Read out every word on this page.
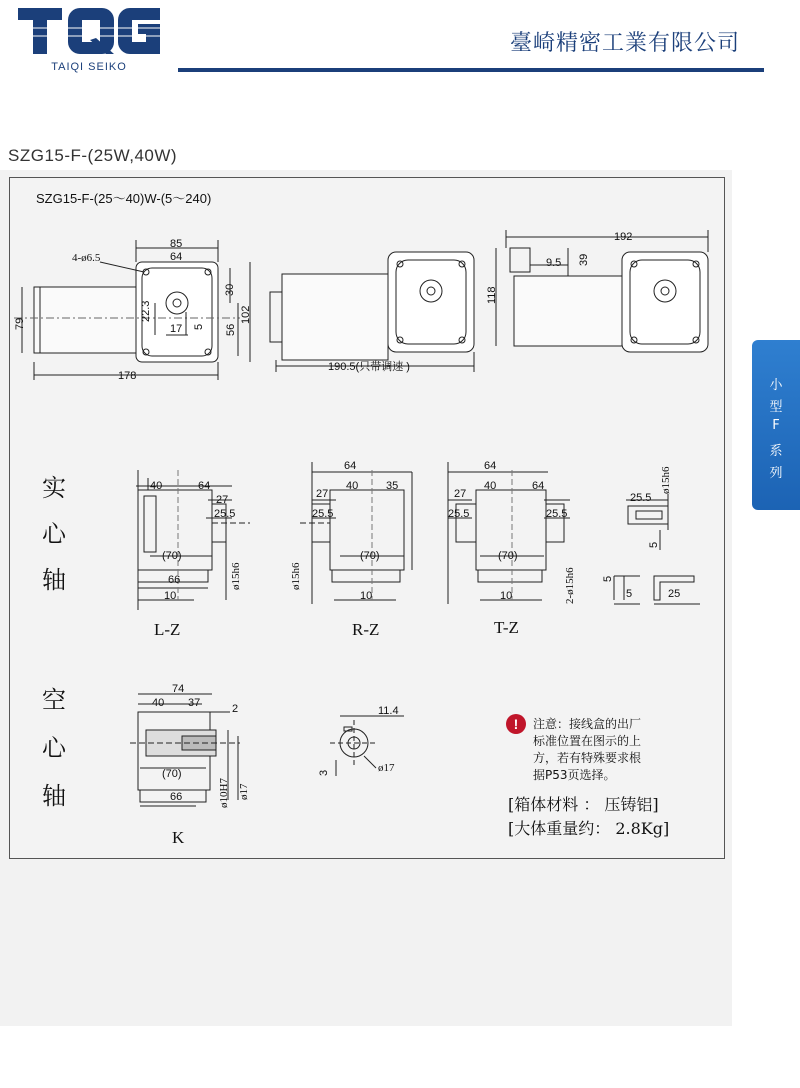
TAIQI SEIKO
臺崎精密工業有限公司
SZG15-F-(25W,40W)
小
型
F
系
列
SZG15-F-(25～40)W-(5～240)
4-ø6.5
85
64
22.3
17 5
30
56
102
79
178
190.5(只带调速 )
192
9.5 39
118
实
心
轴
40	64
27
25.5
(70)
66
10
ø15h6
L-Z
64
27
40	35
25.5
(70)
10
ø15h6
R-Z
64
27
40	64
25.5	25.5
(70)
10	2-ø15h6
T-Z
25.5
ø15h6
5
5
5	25
空
心
轴
74
40 37	2
(70)
66	ø10H7 ø17
K
11.4
3	ø17
!	注意：接线盒的出厂
标准位置在图示的上
方，若有特殊要求根
据P53页选择。
[箱体材料 ： 压铸铝]
[大体重量约： 2.8Kg]
